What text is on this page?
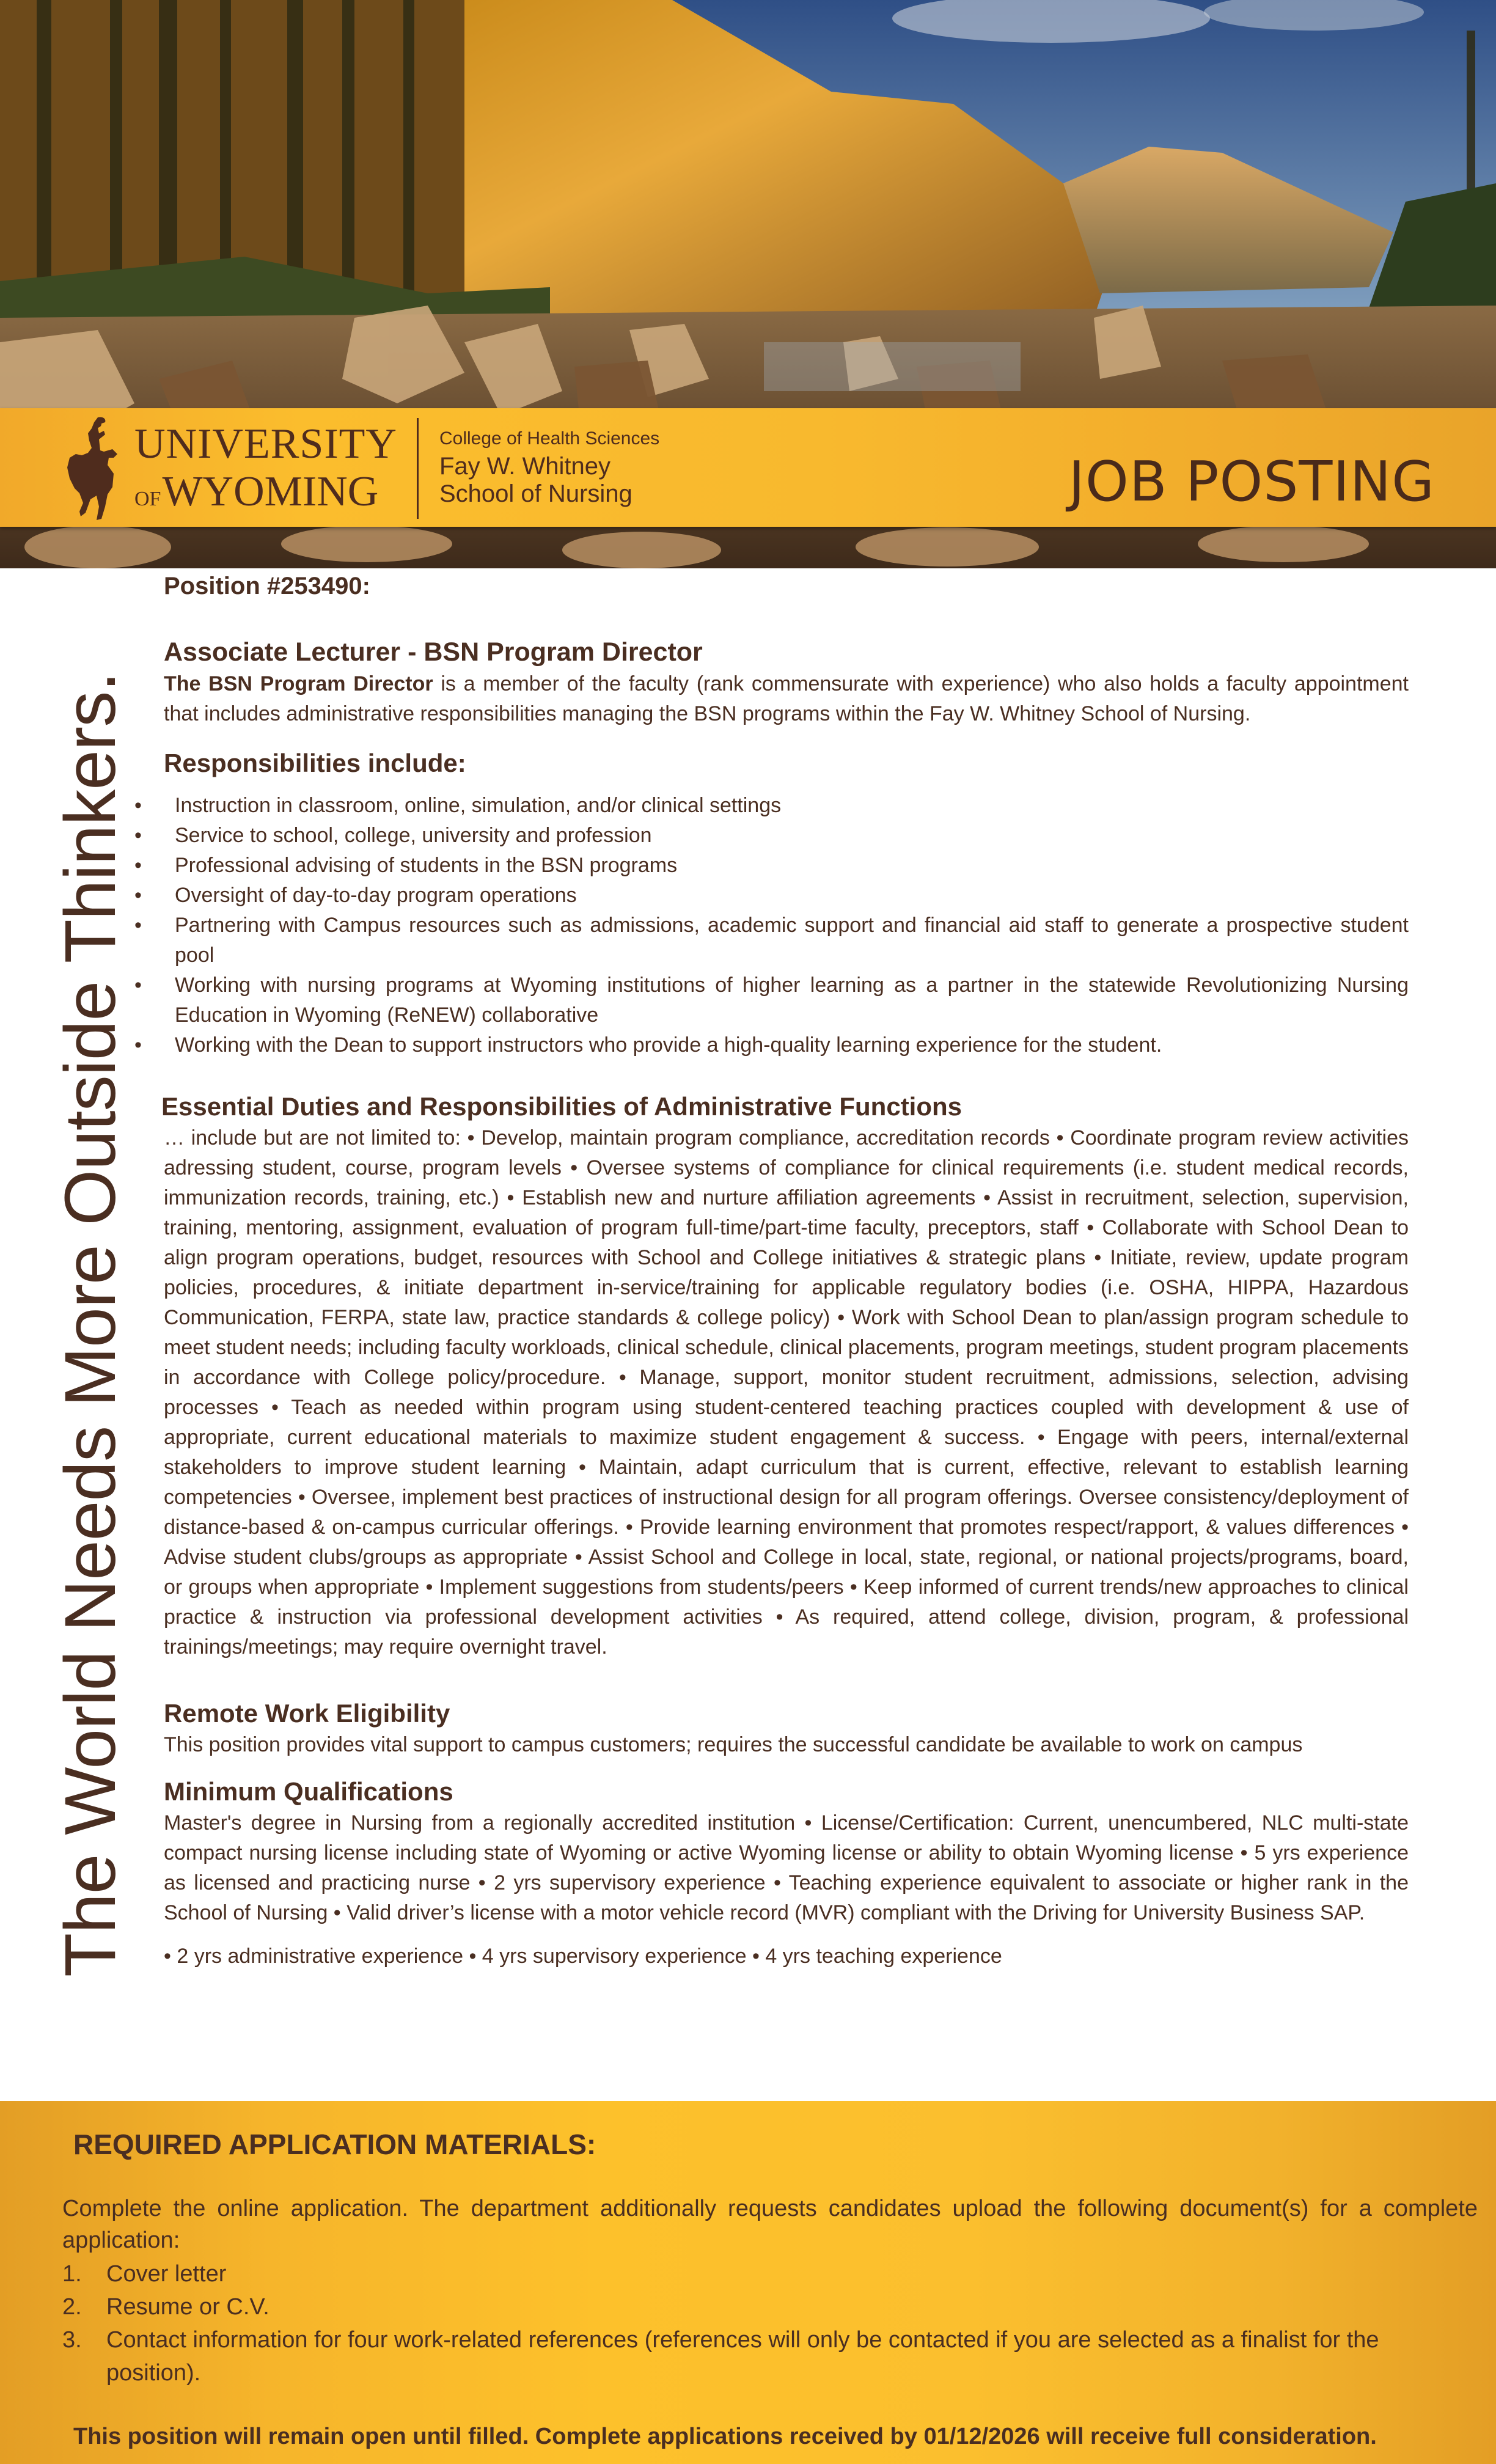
UNIVERSITY
OF WYOMING
College of Health Sciences
Fay W. Whitney
School of Nursing	JOB POSTING
The World Needs More Outside Thinkers.
Position #253490:
Associate Lecturer - BSN Program Director

The BSN Program Director is a member of the faculty (rank commensurate with experience) who also holds a faculty appointment that includes administrative responsibilities managing the BSN programs within the Fay W. Whitney School of Nursing.

Responsibilities include:
• Instruction in classroom, online, simulation, and/or clinical settings
• Service to school, college, university and profession
• Professional advising of students in the BSN programs
• Oversight of day-to-day program operations
• Partnering with Campus resources such as admissions, academic support and financial aid staff to generate a prospective student pool
• Working with nursing programs at Wyoming institutions of higher learning as a partner in the statewide Revolutionizing Nursing Education in Wyoming (ReNEW) collaborative
• Working with the Dean to support instructors who provide a high-quality learning experience for the student.
Essential Duties and Responsibilities of Administrative Functions

… include but are not limited to: • Develop, maintain program compliance, accreditation records • Coordinate program review activities adressing student, course, program levels • Oversee systems of compliance for clinical requirements (i.e. student medical records, immunization records, training, etc.) • Establish new and nurture affiliation agreements • Assist in recruitment, selection, supervision, training, mentoring, assignment, evaluation of program full-time/part-time faculty, preceptors, staff • Collaborate with School Dean to align program operations, budget, resources with School and College initiatives & strategic plans • Initiate, review, update program policies, procedures, & initiate department in-service/training for applicable regulatory bodies (i.e. OSHA, HIPPA, Hazardous Communication, FERPA, state law, practice standards & college policy) • Work with School Dean to plan/assign program schedule to meet student needs; including faculty workloads, clinical schedule, clinical placements, program meetings, student program placements in accordance with College policy/procedure. • Manage, support, monitor student recruitment, admissions, selection, advising processes • Teach as needed within program using student-centered teaching practices coupled with development & use of appropriate, current educational materials to maximize student engagement & success. • Engage with peers, internal/external stakeholders to improve student learning • Maintain, adapt curriculum that is current, effective, relevant to establish learning competencies • Oversee, implement best practices of instructional design for all program offerings. Oversee consistency/deployment of distance-based & on-campus curricular offerings. • Provide learning environment that promotes respect/rapport, & values differences • Advise student clubs/groups as appropriate • Assist School and College in local, state, regional, or national projects/programs, board, or groups when appropriate • Implement suggestions from students/peers • Keep informed of current trends/new approaches to clinical practice & instruction via professional development activities • As required, attend college, division, program, & professional trainings/meetings; may require overnight travel.

Remote Work Eligibility

This position provides vital support to campus customers; requires the successful candidate be available to work on campus

Minimum Qualifications

Master's degree in Nursing from a regionally accredited institution • License/Certification: Current, unencumbered, NLC multi-state compact nursing license including state of Wyoming or active Wyoming license or ability to obtain Wyoming license • 5 yrs experience as licensed and practicing nurse • 2 yrs supervisory experience • Teaching experience equivalent to associate or higher rank in the School of Nursing • Valid driver’s license with a motor vehicle record (MVR) compliant with the Driving for University Business SAP.

• 2 yrs administrative experience • 4 yrs supervisory experience • 4 yrs teaching experience

REQUIRED APPLICATION MATERIALS:

Complete the online application. The department additionally requests candidates upload the following document(s) for a complete application:

1. Cover letter
2. Resume or C.V.
3. Contact information for four work-related references (references will only be contacted if you are selected as a finalist for the position).
This position will remain open until filled. Complete applications received by 01/12/2026 will receive full consideration.
